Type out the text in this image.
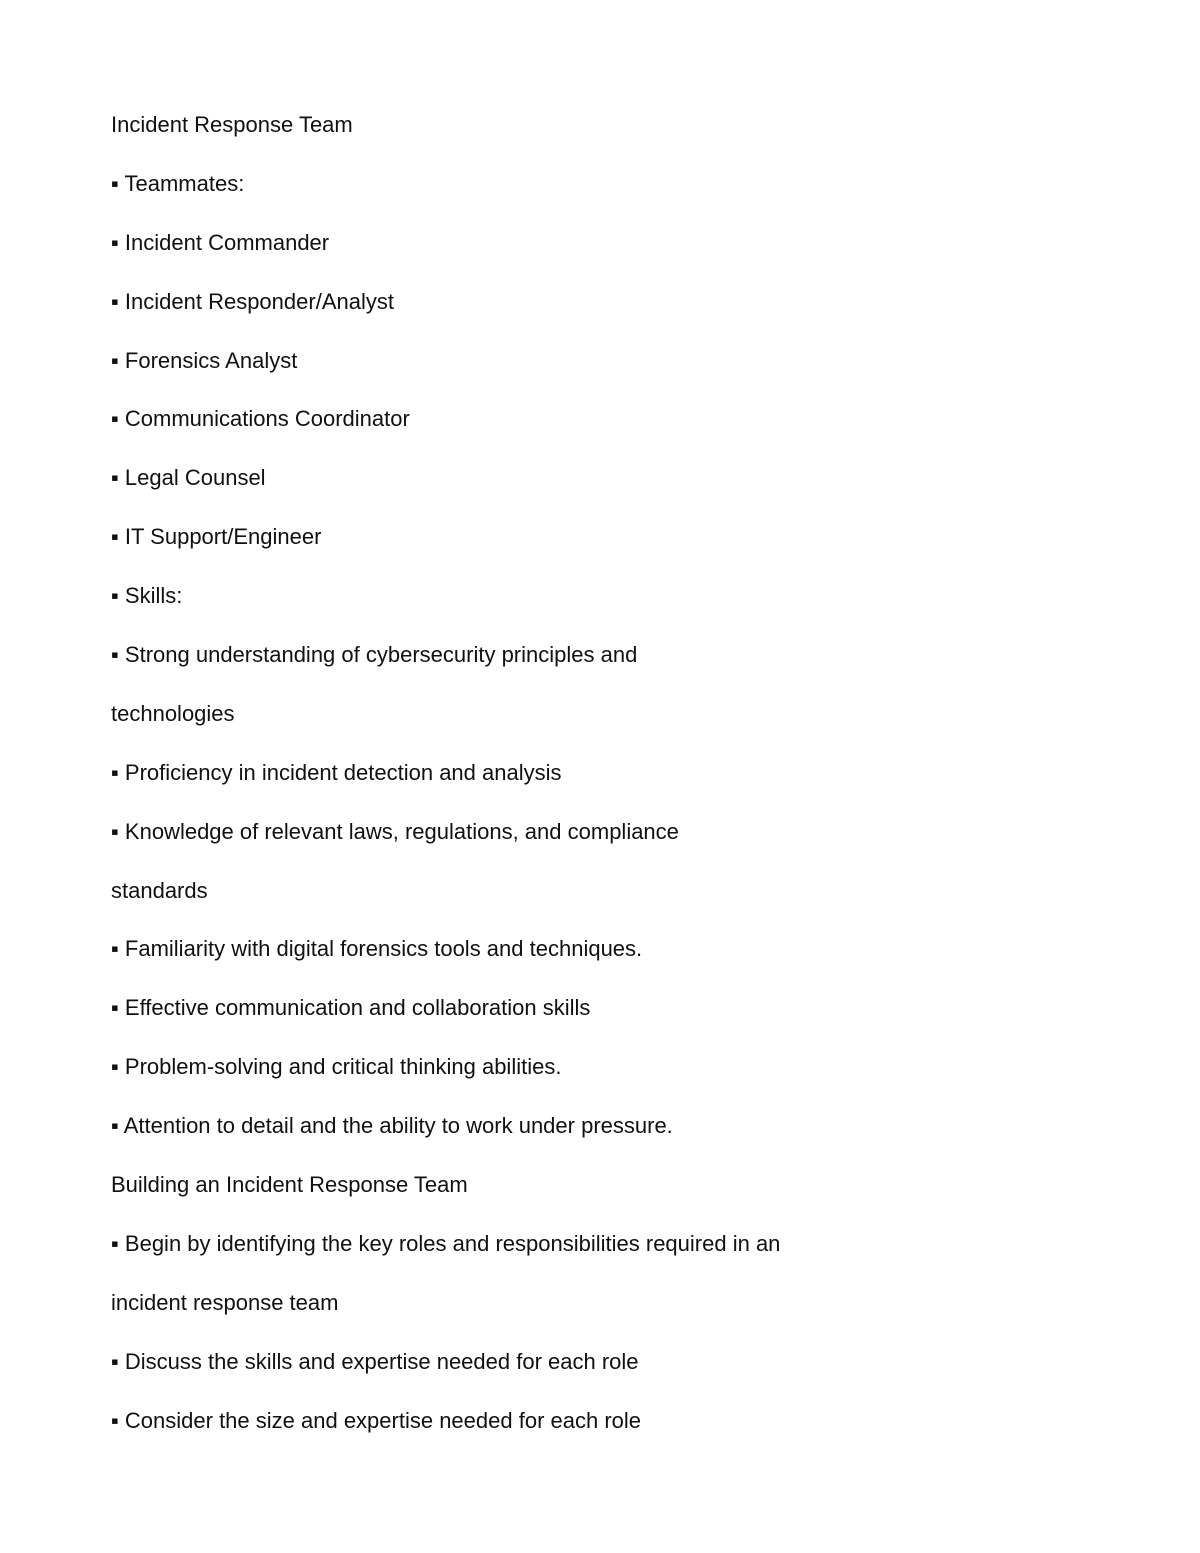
Incident Response Team
▪ Teammates:
▪ Incident Commander
▪ Incident Responder/Analyst
▪ Forensics Analyst
▪ Communications Coordinator
▪ Legal Counsel
▪ IT Support/Engineer
▪ Skills:
▪ Strong understanding of cybersecurity principles and
technologies
▪ Proficiency in incident detection and analysis
▪ Knowledge of relevant laws, regulations, and compliance
standards
▪ Familiarity with digital forensics tools and techniques.
▪ Effective communication and collaboration skills
▪ Problem-solving and critical thinking abilities.
▪ Attention to detail and the ability to work under pressure.
Building an Incident Response Team
▪ Begin by identifying the key roles and responsibilities required in an
incident response team
▪ Discuss the skills and expertise needed for each role
▪ Consider the size and expertise needed for each role
